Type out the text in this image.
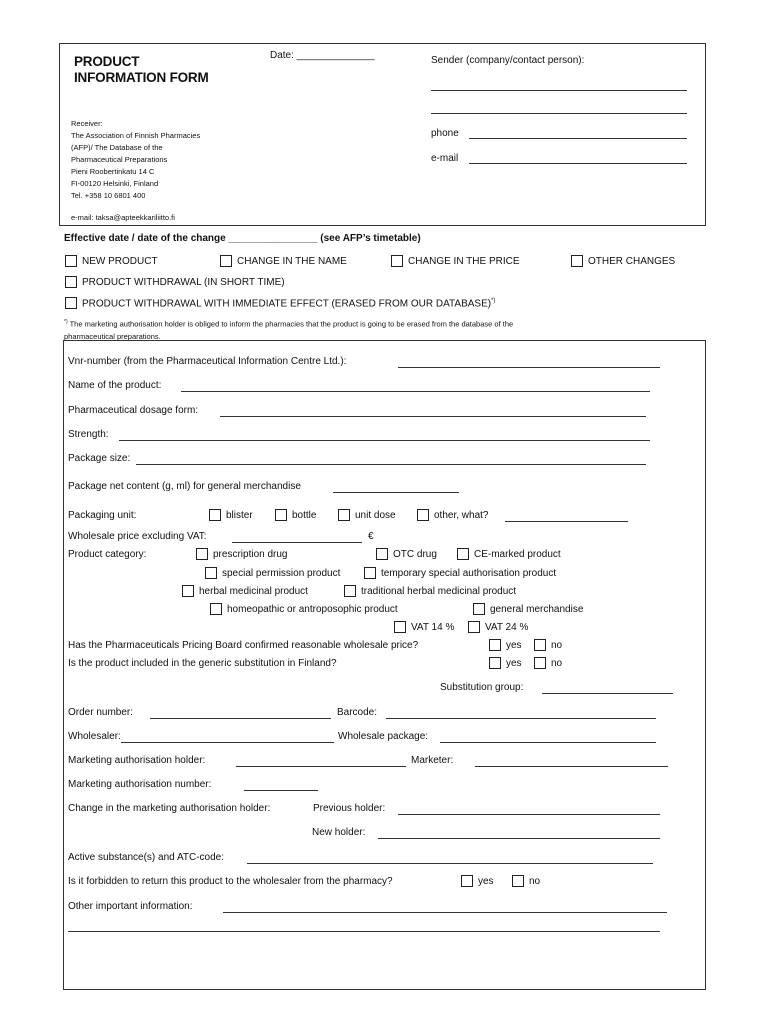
PRODUCT
INFORMATION FORM
Date: ______________	Sender (company/contact person):
phone
e-mail
Receiver:
The Association of Finnish Pharmacies
(AFP)/ The Database of the
Pharmaceutical Preparations
Pieni Roobertinkatu 14 C
FI-00120 Helsinki, Finland
Tel. +358 10 6801 400
e-mail: taksa@apteekkariliitto.fi
Effective date / date of the change ________________ (see AFP’s timetable)
NEW PRODUCT	CHANGE IN THE NAME	CHANGE IN THE PRICE	OTHER CHANGES
PRODUCT WITHDRAWAL (IN SHORT TIME)
PRODUCT WITHDRAWAL WITH IMMEDIATE EFFECT (ERASED FROM OUR DATABASE)*)
*) The marketing authorisation holder is obliged to inform the pharmacies that the product is going to be erased from the database of the
pharmaceutical preparations.
Vnr-number (from the Pharmaceutical Information Centre Ltd.):
Name of the product:
Pharmaceutical dosage form:
Strength:
Package size:
Package net content (g, ml) for general merchandise
Packaging unit:	blister	bottle	unit dose	other, what?
Wholesale price excluding VAT:	€
Product category:	prescription drug	OTC drug	CE-marked product
special permission product	temporary special authorisation product
herbal medicinal product	traditional herbal medicinal product
homeopathic or antroposophic product	general merchandise
VAT 14 %	VAT 24 %
Has the Pharmaceuticals Pricing Board confirmed reasonable wholesale price?	yes	no
Is the product included in the generic substitution in Finland?	yes	no
Substitution group:
Order number:	Barcode:
Wholesaler:	Wholesale package:
Marketing authorisation holder:	Marketer:
Marketing authorisation number:
Change in the marketing authorisation holder:	Previous holder:
New holder:
Active substance(s) and ATC-code:
Is it forbidden to return this product to the wholesaler from the pharmacy?	yes	no
Other important information:
